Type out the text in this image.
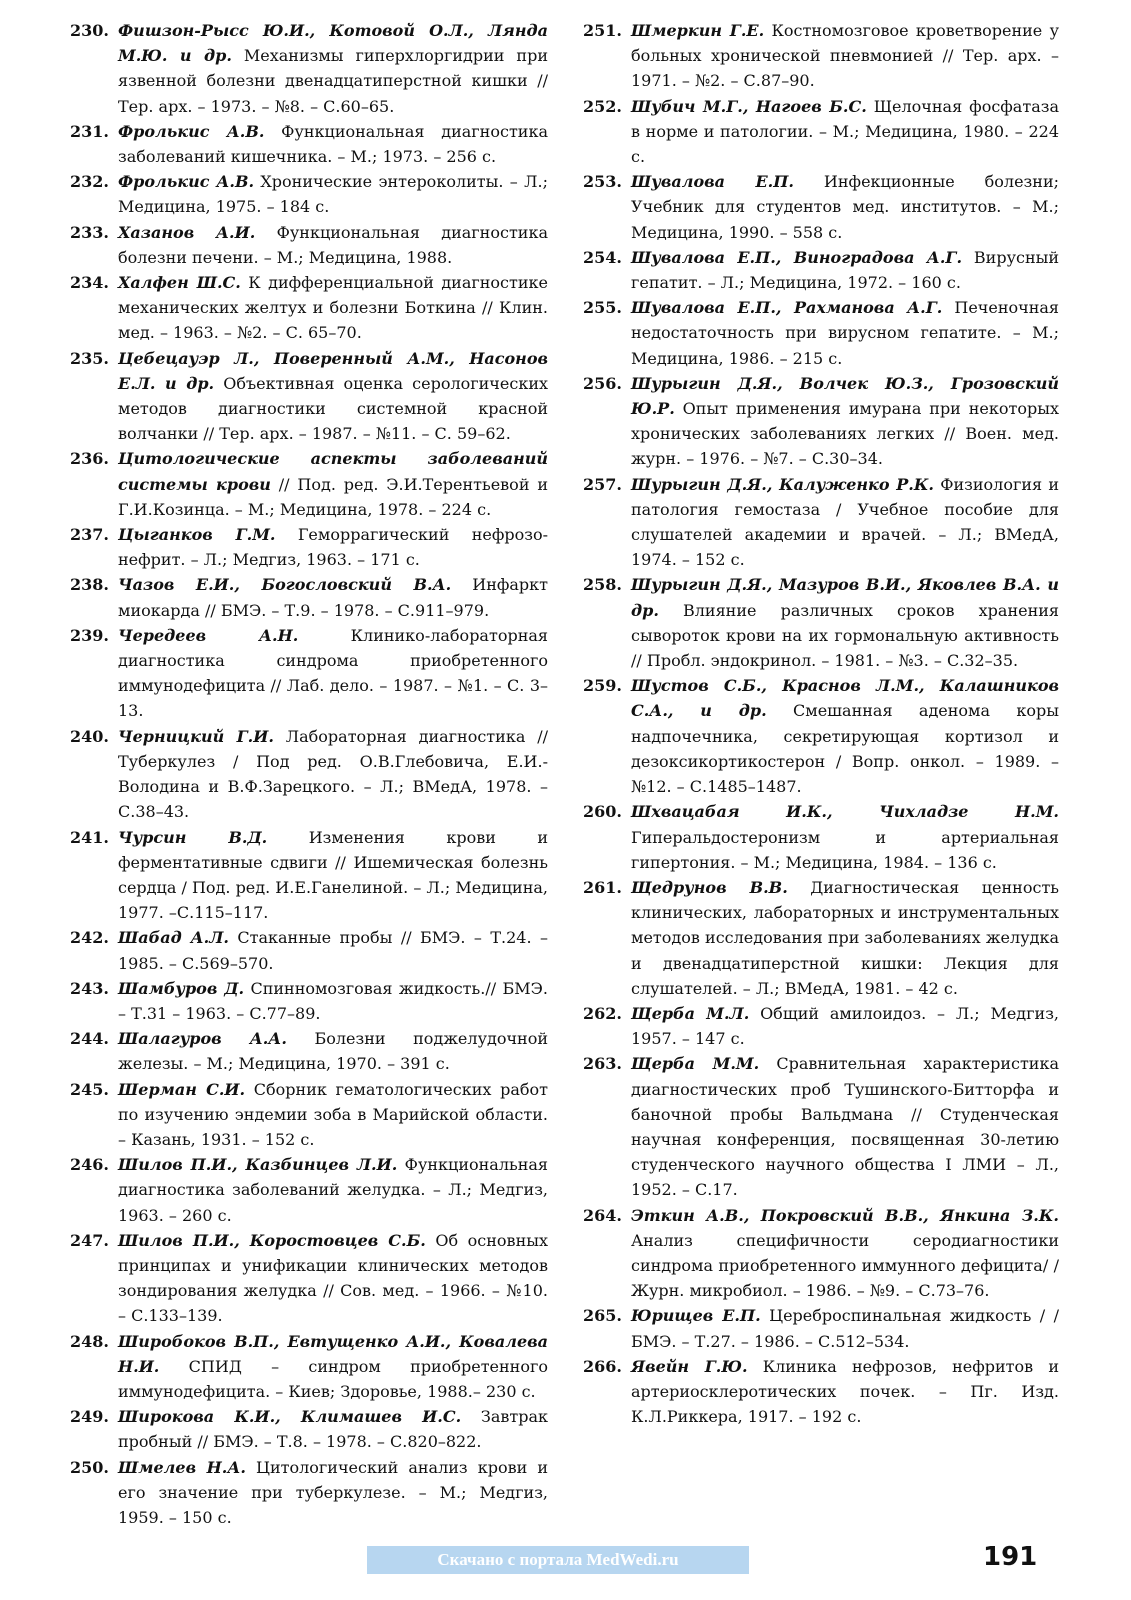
230. Фишзон-Рысс Ю.И., Котовой О.Л., Лянда М.Ю. и др. Механизмы гиперхлоргидрии при язвенной болезни двенадцатиперстной кишки // Тер. арх. – 1973. – №8. – С.60–65.

231. Фролькис А.В. Функциональная диагностика заболеваний кишечника. – М.; 1973. – 256 с.

232. Фролькис А.В. Хронические энтероколиты. – Л.; Медицина, 1975. – 184 с.

233. Хазанов А.И. Функциональная диагностика болезни печени. – М.; Медицина, 1988.

234. Халфен Ш.С. К дифференциальной диагностике механических желтух и болезни Боткина // Клин. мед. – 1963. – №2. – С. 65–70.

235. Цебецауэр Л., Поверенный А.М., Насонов Е.Л. и др. Объективная оценка серологических методов диагностики системной красной волчанки // Тер. арх. – 1987. – №11. – С. 59–62.

236. Цитологические аспекты заболеваний системы крови // Под. ред. Э.И.Терентьевой и Г.И.Козинца. – М.; Медицина, 1978. – 224 с.

237. Цыганков Г.М. Геморрагический нефрозо-нефрит. – Л.; Медгиз, 1963. – 171 с.

238. Чазов Е.И., Богословский В.А. Инфаркт миокарда // БМЭ. – Т.9. – 1978. – С.911–979.

239. Чередеев А.Н. Клинико-лабораторная диагностика синдрома приобретенного иммунодефицита // Лаб. дело. – 1987. – №1. – С. 3–13.

240. Черницкий Г.И. Лабораторная диагностика // Туберкулез / Под ред. О.В.Глебовича, Е.И.-Володина и В.Ф.Зарецкого. – Л.; ВМедА, 1978. – С.38–43.

241. Чурсин В.Д. Изменения крови и ферментативные сдвиги // Ишемическая болезнь сердца / Под. ред. И.Е.Ганелиной. – Л.; Медицина, 1977. –С.115–117.

242. Шабад А.Л. Стаканные пробы // БМЭ. – Т.24. – 1985. – С.569–570.

243. Шамбуров Д. Спинномозговая жидкость.// БМЭ. – Т.31 – 1963. – С.77–89.

244. Шалагуров А.А. Болезни поджелудочной железы. – М.; Медицина, 1970. – 391 с.

245. Шерман С.И. Сборник гематологических работ по изучению эндемии зоба в Марийской области. – Казань, 1931. – 152 с.

246. Шилов П.И., Казбинцев Л.И. Функциональная диагностика заболеваний желудка. – Л.; Медгиз, 1963. – 260 с.

247. Шилов П.И., Коростовцев С.Б. Об основных принципах и унификации клинических методов зондирования желудка // Сов. мед. – 1966. – №10. – С.133–139.

248. Широбоков В.П., Евтущенко А.И., Ковалева Н.И. СПИД – синдром приобретенного иммунодефицита. – Киев; Здоровье, 1988.– 230 с.

249. Широкова К.И., Климашев И.С. Завтрак пробный // БМЭ. – Т.8. – 1978. – С.820–822.

250. Шмелев Н.А. Цитологический анализ крови и его значение при туберкулезе. – М.; Медгиз, 1959. – 150 с.

251. Шмеркин Г.Е. Костномозговое кроветворение у больных хронической пневмонией // Тер. арх. – 1971. – №2. – С.87–90.

252. Шубич М.Г., Нагоев Б.С. Щелочная фосфатаза в норме и патологии. – М.; Медицина, 1980. – 224 с.

253. Шувалова Е.П. Инфекционные болезни; Учебник для студентов мед. институтов. – М.; Медицина, 1990. – 558 с.

254. Шувалова Е.П., Виноградова А.Г. Вирусный гепатит. – Л.; Медицина, 1972. – 160 с.

255. Шувалова Е.П., Рахманова А.Г. Печеночная недостаточность при вирусном гепатите. – М.; Медицина, 1986. – 215 с.

256. Шурыгин Д.Я., Волчек Ю.З., Грозовский Ю.Р. Опыт применения имурана при некоторых хронических заболеваниях легких // Воен. мед. журн. – 1976. – №7. – С.30–34.

257. Шурыгин Д.Я., Калуженко Р.К. Физиология и патология гемостаза / Учебное пособие для слушателей академии и врачей. – Л.; ВМедА, 1974. – 152 с.

258. Шурыгин Д.Я., Мазуров В.И., Яковлев В.А. и др. Влияние различных сроков хранения сывороток крови на их гормональную активность // Пробл. эндокринол. – 1981. – №3. – С.32–35.

259. Шустов С.Б., Краснов Л.М., Калашников С.А., и др. Смешанная аденома коры надпочечника, секретирующая кортизол и дезоксикортикостерон / Вопр. онкол. – 1989. – №12. – С.1485–1487.

260. Шхвацабая И.К., Чихладзе Н.М. Гиперальдостеронизм и артериальная гипертония. – М.; Медицина, 1984. – 136 с.

261. Щедрунов В.В. Диагностическая ценность клинических, лабораторных и инструментальных методов исследования при заболеваниях желудка и двенадцатиперстной кишки: Лекция для слушателей. – Л.; ВМедА, 1981. – 42 с.

262. Щерба М.Л. Общий амилоидоз. – Л.; Медгиз, 1957. – 147 с.

263. Щерба М.М. Сравнительная характеристика диагностических проб Тушинского-Битторфа и баночной пробы Вальдмана // Студенческая научная конференция, посвященная 30-летию студенческого научного общества I ЛМИ – Л., 1952. – С.17.

264. Эткин А.В., Покровский В.В., Янкина З.К. Анализ специфичности серодиагностики синдрома приобретенного иммунного дефицита/ / Журн. микробиол. – 1986. – №9. – С.73–76.

265. Юрищев Е.П. Цереброспинальная жидкость / / БМЭ. – Т.27. – 1986. – С.512–534.

266. Явейн Г.Ю. Клиника нефрозов, нефритов и артериосклеротических почек. – Пг. Изд. К.Л.Риккера, 1917. – 192 с.

Скачано с портала MedWedi.ru	191
